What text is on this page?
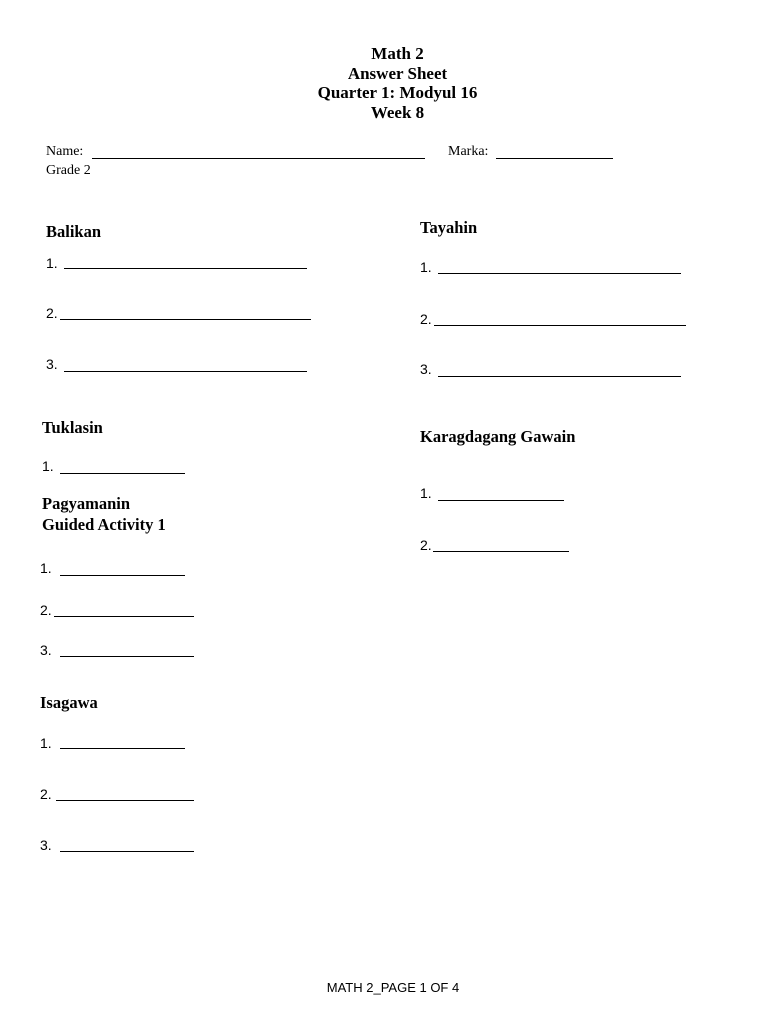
Math 2
Answer Sheet
Quarter 1: Modyul 16
Week 8
Name:	Marka:
Grade 2
Balikan
1.
2.
3.
Tuklasin
1.
Pagyamanin
Guided Activity 1
1.
2.
3.
Isagawa
1.
2.
3.
Tayahin
1.
2.
3.
Karagdagang Gawain
1.
2.
MATH 2_PAGE 1 OF 4
